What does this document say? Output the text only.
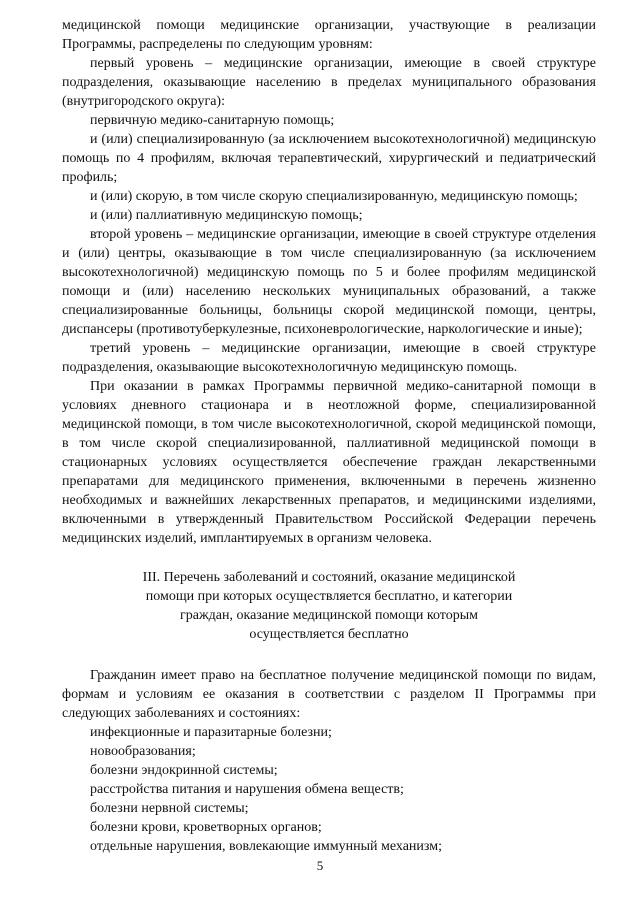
медицинской помощи медицинские организации, участвующие в реализации Программы, распределены по следующим уровням:

первый уровень – медицинские организации, имеющие в своей структуре подразделения, оказывающие населению в пределах муниципального образования (внутригородского округа):

первичную медико-санитарную помощь;

и (или) специализированную (за исключением высокотехнологичной) медицинскую помощь по 4 профилям, включая терапевтический, хирургический и педиатрический профиль;

и (или) скорую, в том числе скорую специализированную, медицинскую помощь;

и (или) паллиативную медицинскую помощь;

второй уровень – медицинские организации, имеющие в своей структуре отделения и (или) центры, оказывающие в том числе специализированную (за исключением высокотехнологичной) медицинскую помощь по 5 и более профилям медицинской помощи и (или) населению нескольких муниципальных образований, а также специализированные больницы, больницы скорой медицинской помощи, центры, диспансеры (противотуберкулезные, психоневрологические, наркологические и иные);

третий уровень – медицинские организации, имеющие в своей структуре подразделения, оказывающие высокотехнологичную медицинскую помощь.

При оказании в рамках Программы первичной медико-санитарной помощи в условиях дневного стационара и в неотложной форме, специализированной медицинской помощи, в том числе высокотехнологичной, скорой медицинской помощи, в том числе скорой специализированной, паллиативной медицинской помощи в стационарных условиях осуществляется обеспечение граждан лекарственными препаратами для медицинского применения, включенными в перечень жизненно необходимых и важнейших лекарственных препаратов, и медицинскими изделиями, включенными в утвержденный Правительством Российской Федерации перечень медицинских изделий, имплантируемых в организм человека.

III. Перечень заболеваний и состояний, оказание медицинской
помощи при которых осуществляется бесплатно, и категории
граждан, оказание медицинской помощи которым
осуществляется бесплатно

Гражданин имеет право на бесплатное получение медицинской помощи по видам, формам и условиям ее оказания в соответствии с разделом II Программы при следующих заболеваниях и состояниях:

инфекционные и паразитарные болезни;

новообразования;

болезни эндокринной системы;

расстройства питания и нарушения обмена веществ;

болезни нервной системы;

болезни крови, кроветворных органов;

отдельные нарушения, вовлекающие иммунный механизм;

5
